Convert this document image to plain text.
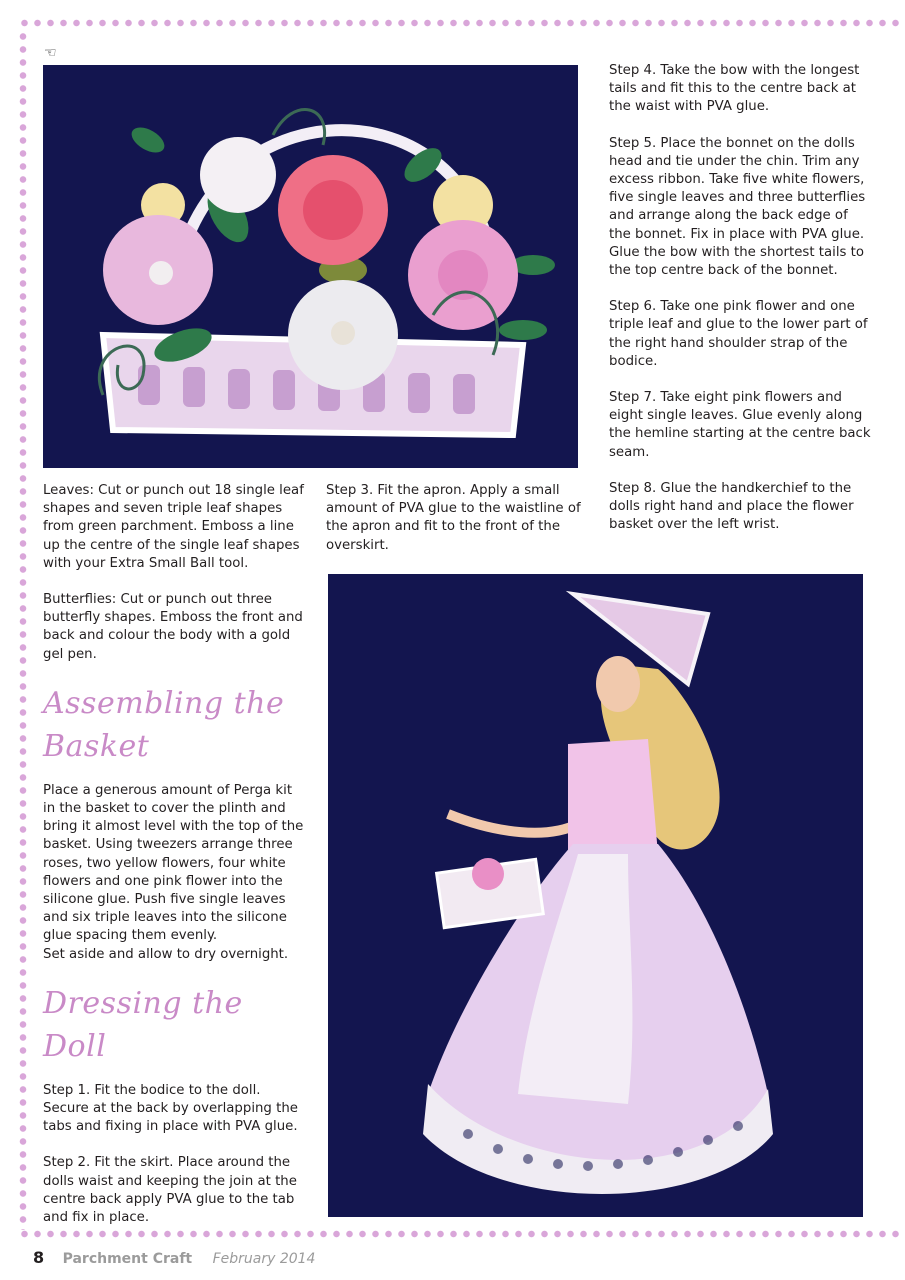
☜

Step 4. Take the bow with the longest tails and fit this to the centre back at the waist with PVA glue.

Step 5. Place the bonnet on the dolls head and tie under the chin. Trim any excess ribbon. Take five white flowers, five single leaves and three butterflies and arrange along the back edge of the bonnet. Fix in place with PVA glue. Glue the bow with the shortest tails to the top centre back of the bonnet.

Step 6. Take one pink flower and one triple leaf and glue to the lower part of the right hand shoulder strap of the bodice.

Step 7. Take eight pink flowers and eight single leaves. Glue evenly along the hemline starting at the centre back seam.

Step 8. Glue the handkerchief to the dolls right hand and place the flower basket over the left wrist.

Leaves: Cut or punch out 18 single leaf shapes and seven triple leaf shapes from green parchment. Emboss a line up the centre of the single leaf shapes with your Extra Small Ball tool.

Butterflies: Cut or punch out three butterfly shapes. Emboss the front and back and colour the body with a gold gel pen.

Assembling the Basket

Place a generous amount of Perga kit in the basket to cover the plinth and bring it almost level with the top of the basket. Using tweezers arrange three roses, two yellow flowers, four white flowers and one pink flower into the silicone glue. Push five single leaves and six triple leaves into the silicone glue spacing them evenly.

Set aside and allow to dry overnight.

Dressing the Doll

Step 1. Fit the bodice to the doll. Secure at the back by overlapping the tabs and fixing in place with PVA glue.

Step 2. Fit the skirt. Place around the dolls waist and keeping the join at the centre back apply PVA glue to the tab and fix in place.

Step 3. Fit the apron. Apply a small amount of PVA glue to the waistline of the apron and fit to the front of the overskirt.

8 Parchment Craft February 2014
